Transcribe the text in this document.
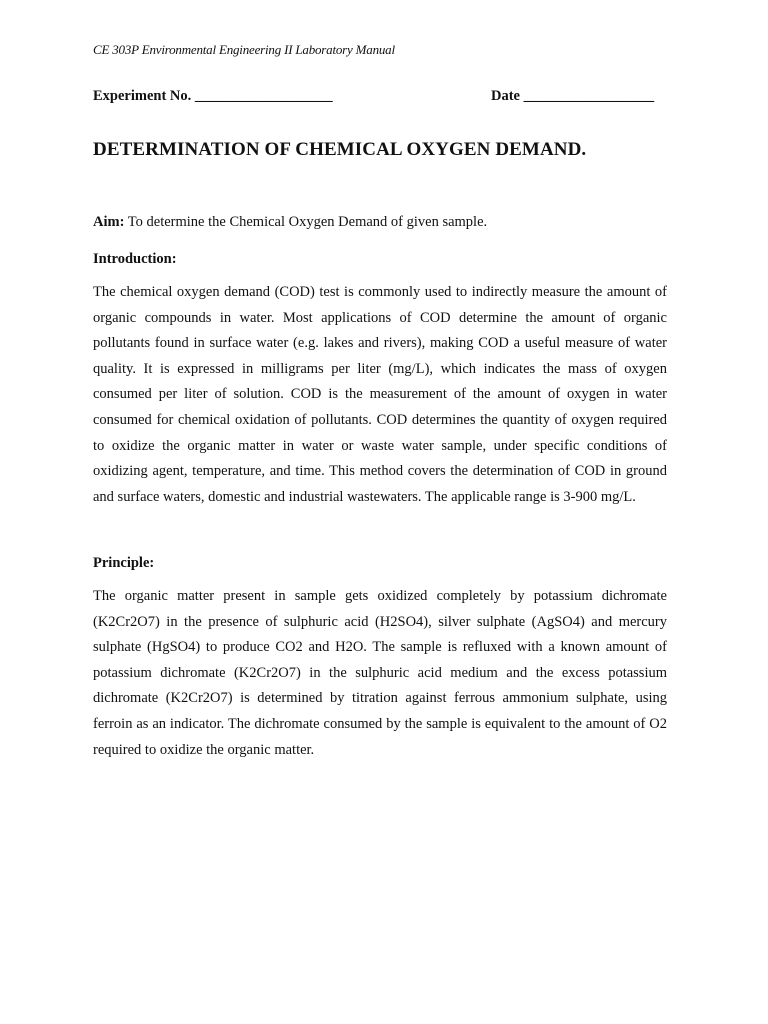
CE 303P Environmental Engineering II Laboratory Manual
Experiment No. ___________________	Date __________________
DETERMINATION OF CHEMICAL OXYGEN DEMAND.
Aim: To determine the Chemical Oxygen Demand of given sample.
Introduction:

The chemical oxygen demand (COD) test is commonly used to indirectly measure the amount of organic compounds in water. Most applications of COD determine the amount of organic pollutants found in surface water (e.g. lakes and rivers), making COD a useful measure of water quality. It is expressed in milligrams per liter (mg/L), which indicates the mass of oxygen consumed per liter of solution. COD is the measurement of the amount of oxygen in water consumed for chemical oxidation of pollutants. COD determines the quantity of oxygen required to oxidize the organic matter in water or waste water sample, under specific conditions of oxidizing agent, temperature, and time. This method covers the determination of COD in ground and surface waters, domestic and industrial wastewaters. The applicable range is 3-900 mg/L.

Principle:

The organic matter present in sample gets oxidized completely by potassium dichromate (K2Cr2O7) in the presence of sulphuric acid (H2SO4), silver sulphate (AgSO4) and mercury sulphate (HgSO4) to produce CO2 and H2O. The sample is refluxed with a known amount of potassium dichromate (K2Cr2O7) in the sulphuric acid medium and the excess potassium dichromate (K2Cr2O7) is determined by titration against ferrous ammonium sulphate, using ferroin as an indicator. The dichromate consumed by the sample is equivalent to the amount of O2 required to oxidize the organic matter.
